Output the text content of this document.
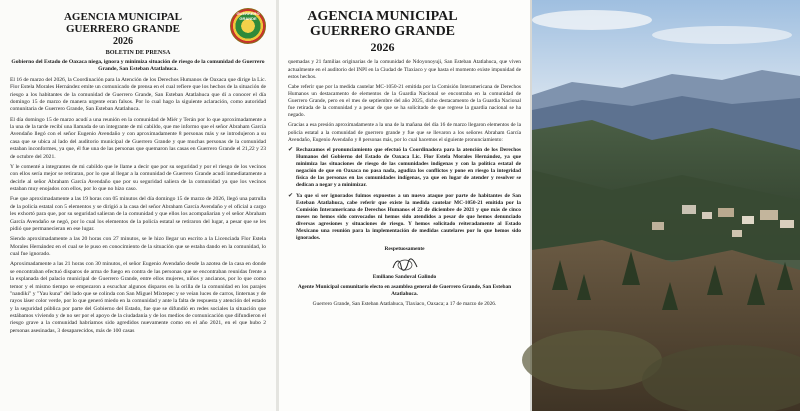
AGENCIA MUNICIPAL
GUERRERO GRANDE
2026
GUERRERO GRANDE
BOLETIN DE PRENSA
Gobierno del Estado de Oaxaca niega, ignora y minimiza situación de riesgo de la comunidad de Guerrero Grande, San Esteban Atatlahuca.
El 16 de marzo del 2026, la Coordinación para la Atención de los Derechos Humanos de Oaxaca que dirige la Lic. Flor Estela Morales Hernández emite un comunicado de prensa en el cual refiere que los hechos de la situación de riesgo a los habitantes de la comunidad de Guerrero Grande, San Esteban Atatlahuca que dí a conocer el día domingo 15 de marzo de manera urgente eran falsos. Por lo cual hago la siguiente aclaración, como autoridad comunitaria de Guerrero Grande, San Esteban Atatlahuca.
El día domingo 15 de marzo acudí a una reunión en la comunidad de Miér y Terán por lo que aproximadamente a la una de la tarde recibí una llamada de un integrante de mi cabildo, que me informo que el señor Abraham García Avendaño llegó con el señor Eugenio Avendaño y con aproximadamente 8 personas más y se introdujeron a su casa que se ubica al lado del auditorio municipal de Guerrero Grande y que muchas personas de la comunidad estaban inconformes, ya que, él fue una de las personas que quemaron las casas en Guerrero Grande el 21,22 y 23 de octubre del 2021.
Y le comenté a integrantes de mi cabildo que le llame a decir que por su seguridad y por el riesgo de los vecinos con ellos sería mejor se retiraran, por lo que al llegar a la comunidad de Guerrero Grande acudí inmediatamente a decirle al señor Abraham García Avendaño que por su seguridad saliera de la comunidad ya que los vecinos estaban muy enojados con ellos, por lo que no hizo caso.
Fue que aproximadamente a las 19 horas con 05 minutos del día domingo 15 de marzo de 2026, llegó una patrulla de la policía estatal con 5 elementos y se dirigió a la casa del señor Abraham García Avendaño y el oficial a cargo les exhortó para que, por su seguridad salieran de la comunidad y que ellos los acompañarían y el señor Abraham García Avendaño se negó, por lo cual los elementos de la policía estatal se retiraron del lugar, a pesar que se les pidió que permanecieran en ese lugar.
Siendo aproximadamente a las 20 horas con 27 minutos, se le hizo llegar un escrito a la Licenciada Flor Estela Morales Hernández en el cual se le puso en conocimiento de la situación que se estaba dando en la comunidad, lo cual fue ignorado.
Aproximadamente a las 21 horas con 30 minutos, el señor Eugenio Avendaño desde la azotea de la casa en donde se encontraban efectuó disparos de arma de fuego en contra de las personas que se encontraban reunidas frente a la explanada del palacio municipal de Guerrero Grande, entre ellos mujeres, niños y ancianos, por lo que como temor y el mismo tiempo se empezaron a escuchar algunos disparos en la orilla de la comunidad en los parajes "nandiki" y "Yau kuna" del lado que se colinda con San Miguel Mixtepec y se veían luces de carros, linternas y de rayos láser color verde, por lo que generó miedo en la comunidad y ante la falta de respuesta y atención del estado y la seguridad pública por parte del Gobierno del Estado, fue que se difundió en redes sociales la situación que estábamos viviendo y de no ser por el apoyo de la ciudadanía y de los medios de comunicación que difundieron el riesgo grave a la comunidad habríamos sido agredidos nuevamente como en el año 2021, en el que hubo 2 personas asesinadas, 3 desaparecidos, más de 100 casas
AGENCIA MUNICIPAL
GUERRERO GRANDE
2026
quemadas y 21 familias originarias de la comunidad de Ndoyonoyuji, San Esteban Atatlahuca, que viven actualmente en el auditorio del INPI en la Ciudad de Tlaxiaco y que hasta el momento existe impunidad de estos hechos.
Cabe referir que por la medida cautelar MC-1050-21 emitida por la Comisión Interamericana de Derechos Humanos un destacamento de elementos de la Guardia Nacional se encontraba en la comunidad de Guerrero Grande, pero en el mes de septiembre del año 2025, dicho destacamento de la Guardia Nacional fue retirada de la comunidad y a pesar de que se ha solicitado de que regrese la guardia nacional se ha negado.
Gracias a esa presión aproximadamente a la una de la mañana del día 16 de marzo llegaron elementos de la policía estatal a la comunidad de guerrero grande y fue que se llevaron a los señores Abraham García Avendaño, Eugenio Avendaño y 8 personas más, por lo cual hacemos el siguiente pronunciamiento:
✔ Rechazamos el pronunciamiento que efectuó la Coordinadora para la atención de los Derechos Humanos del Gobierno del Estado de Oaxaca Lic. Flor Estela Morales Hernández, ya que minimiza las situaciones de riesgo de las comunidades indígenas y con la política estatal de negación de que en Oaxaca no pasa nada, agudiza los conflictos y pone en riesgo la integridad física de las personas en las comunidades indígenas, ya que en lugar de atender y resolver se dedican a negar y a minimizar.
✔ Ya que si ser ignorados fuimos expuestos a un nuevo ataque por parte de habitantes de San Esteban Atatlahuca, cabe referir que existe la medida cautelar MC-1050-21 emitida por la Comisión Interamericana de Derechos Humanos el 22 de diciembre de 2021 y que más de cinco meses no hemos sido convocados ni hemos sido atendidos a pesar de que hemos denunciado diversas agresiones y situaciones de riesgo. Y hemos solicitado reiteradamente al Estado Mexicano una reunión para la implementación de medidas cautelares por lo que hemos sido ignorados.
Respetuosamente
Emiliano Sandoval Galindo
Agente Municipal comunitario electo en asamblea general de Guerrero Grande, San Esteban Atatlahuca.
Guerrero Grande, San Esteban Atatlahuca, Tlaxiaco, Oaxaca; a 17 de marzo de 2026.
